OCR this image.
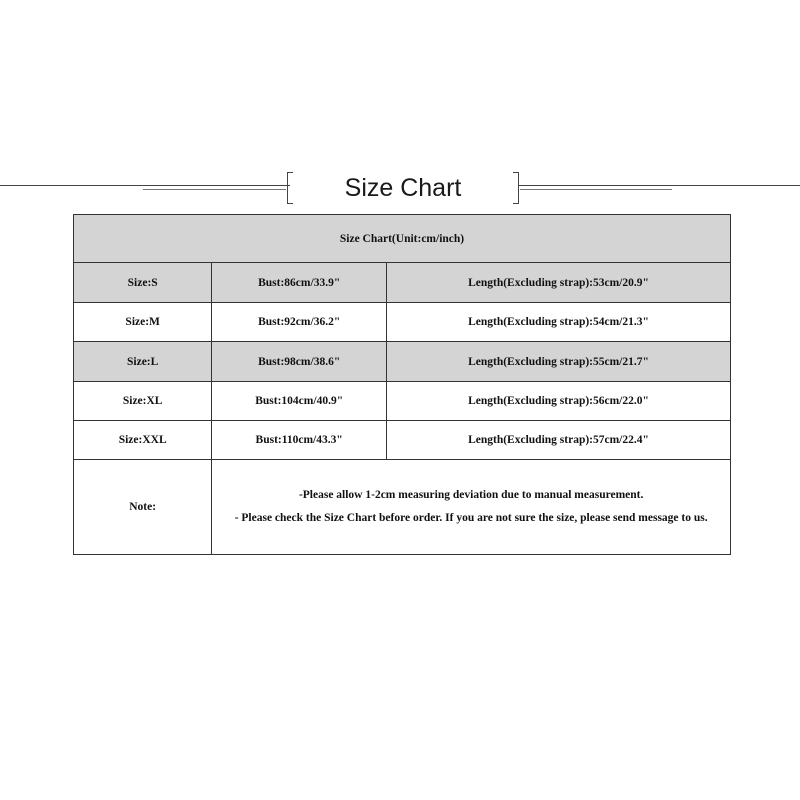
Size Chart
Size Chart(Unit:cm/inch)		
Size:S	Bust:86cm/33.9"	Length(Excluding strap):53cm/20.9"
Size:M	Bust:92cm/36.2"	Length(Excluding strap):54cm/21.3"
Size:L	Bust:98cm/38.6"	Length(Excluding strap):55cm/21.7"
Size:XL	Bust:104cm/40.9"	Length(Excluding strap):56cm/22.0"
Size:XXL	Bust:110cm/43.3"	Length(Excluding strap):57cm/22.4"
Note:	-Please allow 1-2cm measuring deviation due to manual measurement.
- Please check the Size Chart before order. If you are not sure the size, please send message to us.	
